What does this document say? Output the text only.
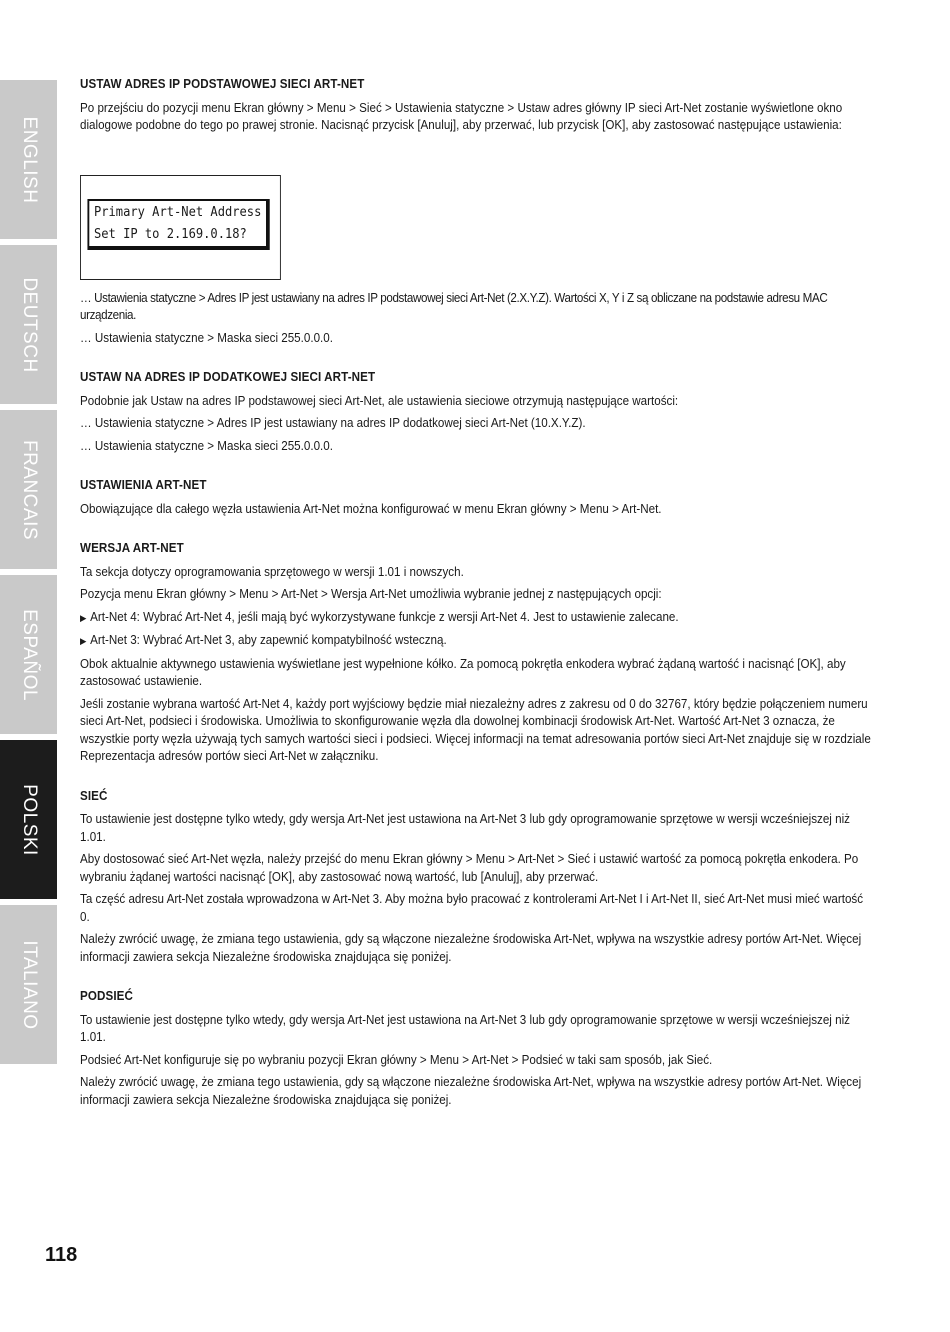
ENGLISH
DEUTSCH
FRANCAIS
ESPAÑOL
POLSKI
ITALIANO
USTAW ADRES IP PODSTAWOWEJ SIECI ART-NET

Po przejściu do pozycji menu Ekran główny > Menu > Sieć > Ustawienia statyczne > Ustaw adres główny IP sieci Art-Net zostanie wyświetlone okno dialogowe podobne do tego po prawej stronie. Nacisnąć przycisk [Anuluj], aby przerwać, lub przycisk [OK], aby zastosować następujące ustawienia:

Primary Art-Net Address
Set IP to 2.169.0.18?

… Ustawienia statyczne > Adres IP jest ustawiany na adres IP podstawowej sieci Art-Net (2.X.Y.Z). Wartości X, Y i Z są obliczane na podstawie adresu MAC urządzenia.

… Ustawienia statyczne > Maska sieci 255.0.0.0.

USTAW NA ADRES IP DODATKOWEJ SIECI ART-NET

Podobnie jak Ustaw na adres IP podstawowej sieci Art-Net, ale ustawienia sieciowe otrzymują następujące wartości:

… Ustawienia statyczne > Adres IP jest ustawiany na adres IP dodatkowej sieci Art-Net (10.X.Y.Z).

… Ustawienia statyczne > Maska sieci 255.0.0.0.

USTAWIENIA ART-NET

Obowiązujące dla całego węzła ustawienia Art-Net można konfigurować w menu Ekran główny > Menu > Art-Net.

WERSJA ART-NET

Ta sekcja dotyczy oprogramowania sprzętowego w wersji 1.01 i nowszych.

Pozycja menu Ekran główny > Menu > Art-Net > Wersja Art-Net umożliwia wybranie jednej z następujących opcji:

▶ Art-Net 4: Wybrać Art-Net 4, jeśli mają być wykorzystywane funkcje z wersji Art-Net 4. Jest to ustawienie zalecane.

▶ Art-Net 3: Wybrać Art-Net 3, aby zapewnić kompatybilność wsteczną.

Obok aktualnie aktywnego ustawienia wyświetlane jest wypełnione kółko. Za pomocą pokrętła enkodera wybrać żądaną wartość i nacisnąć [OK], aby zastosować ustawienie.

Jeśli zostanie wybrana wartość Art-Net 4, każdy port wyjściowy będzie miał niezależny adres z zakresu od 0 do 32767, który będzie połączeniem numeru sieci Art-Net, podsieci i środowiska. Umożliwia to skonfigurowanie węzła dla dowolnej kombinacji środowisk Art-Net. Wartość Art-Net 3 oznacza, że wszystkie porty węzła używają tych samych wartości sieci i podsieci. Więcej informacji na temat adresowania portów sieci Art-Net znajduje się w rozdziale Reprezentacja adresów portów sieci Art-Net w załączniku.

SIEĆ

To ustawienie jest dostępne tylko wtedy, gdy wersja Art-Net jest ustawiona na Art-Net 3 lub gdy oprogramowanie sprzętowe w wersji wcześniejszej niż 1.01.

Aby dostosować sieć Art-Net węzła, należy przejść do menu Ekran główny > Menu > Art-Net > Sieć i ustawić wartość za pomocą pokrętła enkodera. Po wybraniu żądanej wartości nacisnąć [OK], aby zastosować nową wartość, lub [Anuluj], aby przerwać.

Ta część adresu Art-Net została wprowadzona w Art-Net 3. Aby można było pracować z kontrolerami Art-Net I i Art-Net II, sieć Art-Net musi mieć wartość 0.

Należy zwrócić uwagę, że zmiana tego ustawienia, gdy są włączone niezależne środowiska Art-Net, wpływa na wszystkie adresy portów Art-Net. Więcej informacji zawiera sekcja Niezależne środowiska znajdująca się poniżej.

PODSIEĆ

To ustawienie jest dostępne tylko wtedy, gdy wersja Art-Net jest ustawiona na Art-Net 3 lub gdy oprogramowanie sprzętowe w wersji wcześniejszej niż 1.01.

Podsieć Art-Net konfiguruje się po wybraniu pozycji Ekran główny > Menu > Art-Net > Podsieć w taki sam sposób, jak Sieć.

Należy zwrócić uwagę, że zmiana tego ustawienia, gdy są włączone niezależne środowiska Art-Net, wpływa na wszystkie adresy portów Art-Net. Więcej informacji zawiera sekcja Niezależne środowiska znajdująca się poniżej.

118
